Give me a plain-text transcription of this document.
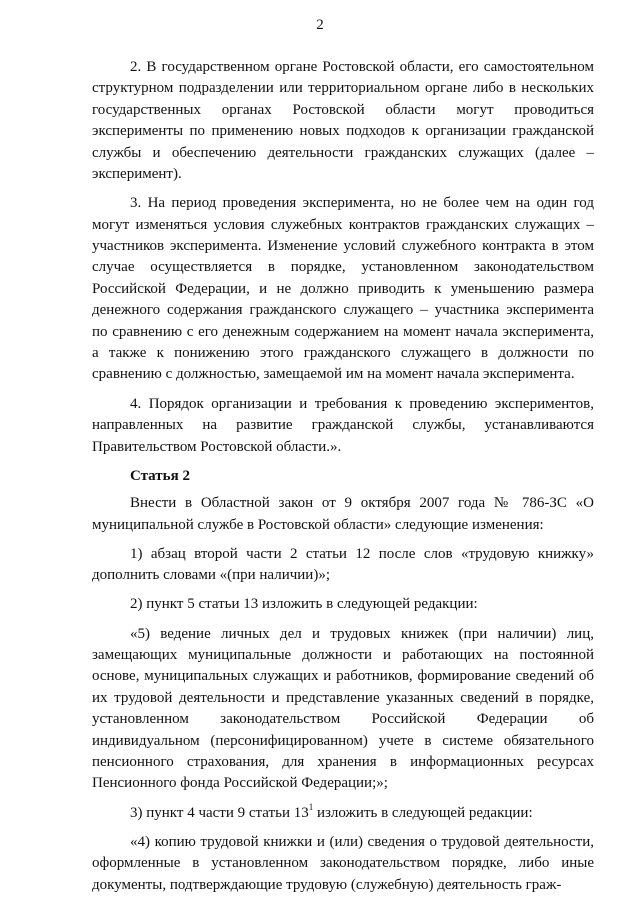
2

2. В государственном органе Ростовской области, его самостоятельном структурном подразделении или территориальном органе либо в нескольких государственных органах Ростовской области могут проводиться эксперименты по применению новых подходов к организации гражданской службы и обеспечению деятельности гражданских служащих (далее – эксперимент).

3. На период проведения эксперимента, но не более чем на один год могут изменяться условия служебных контрактов гражданских служащих – участников эксперимента. Изменение условий служебного контракта в этом случае осуществляется в порядке, установленном законодательством Российской Федерации, и не должно приводить к уменьшению размера денежного содержания гражданского служащего – участника эксперимента по сравнению с его денежным содержанием на момент начала эксперимента, а также к понижению этого гражданского служащего в должности по сравнению с должностью, замещаемой им на момент начала эксперимента.

4. Порядок организации и требования к проведению экспериментов, направленных на развитие гражданской службы, устанавливаются Правительством Ростовской области.».

Статья 2

Внести в Областной закон от 9 октября 2007 года № 786-ЗС «О муниципальной службе в Ростовской области» следующие изменения:

1) абзац второй части 2 статьи 12 после слов «трудовую книжку» дополнить словами «(при наличии)»;

2) пункт 5 статьи 13 изложить в следующей редакции:

«5) ведение личных дел и трудовых книжек (при наличии) лиц, замещающих муниципальные должности и работающих на постоянной основе, муниципальных служащих и работников, формирование сведений об их трудовой деятельности и представление указанных сведений в порядке, установленном законодательством Российской Федерации об индивидуальном (персонифицированном) учете в системе обязательного пенсионного страхования, для хранения в информационных ресурсах Пенсионного фонда Российской Федерации;»;

3) пункт 4 части 9 статьи $13^1$ изложить в следующей редакции:

«4) копию трудовой книжки и (или) сведения о трудовой деятельности, оформленные в установленном законодательством порядке, либо иные документы, подтверждающие трудовую (служебную) деятельность граж-
